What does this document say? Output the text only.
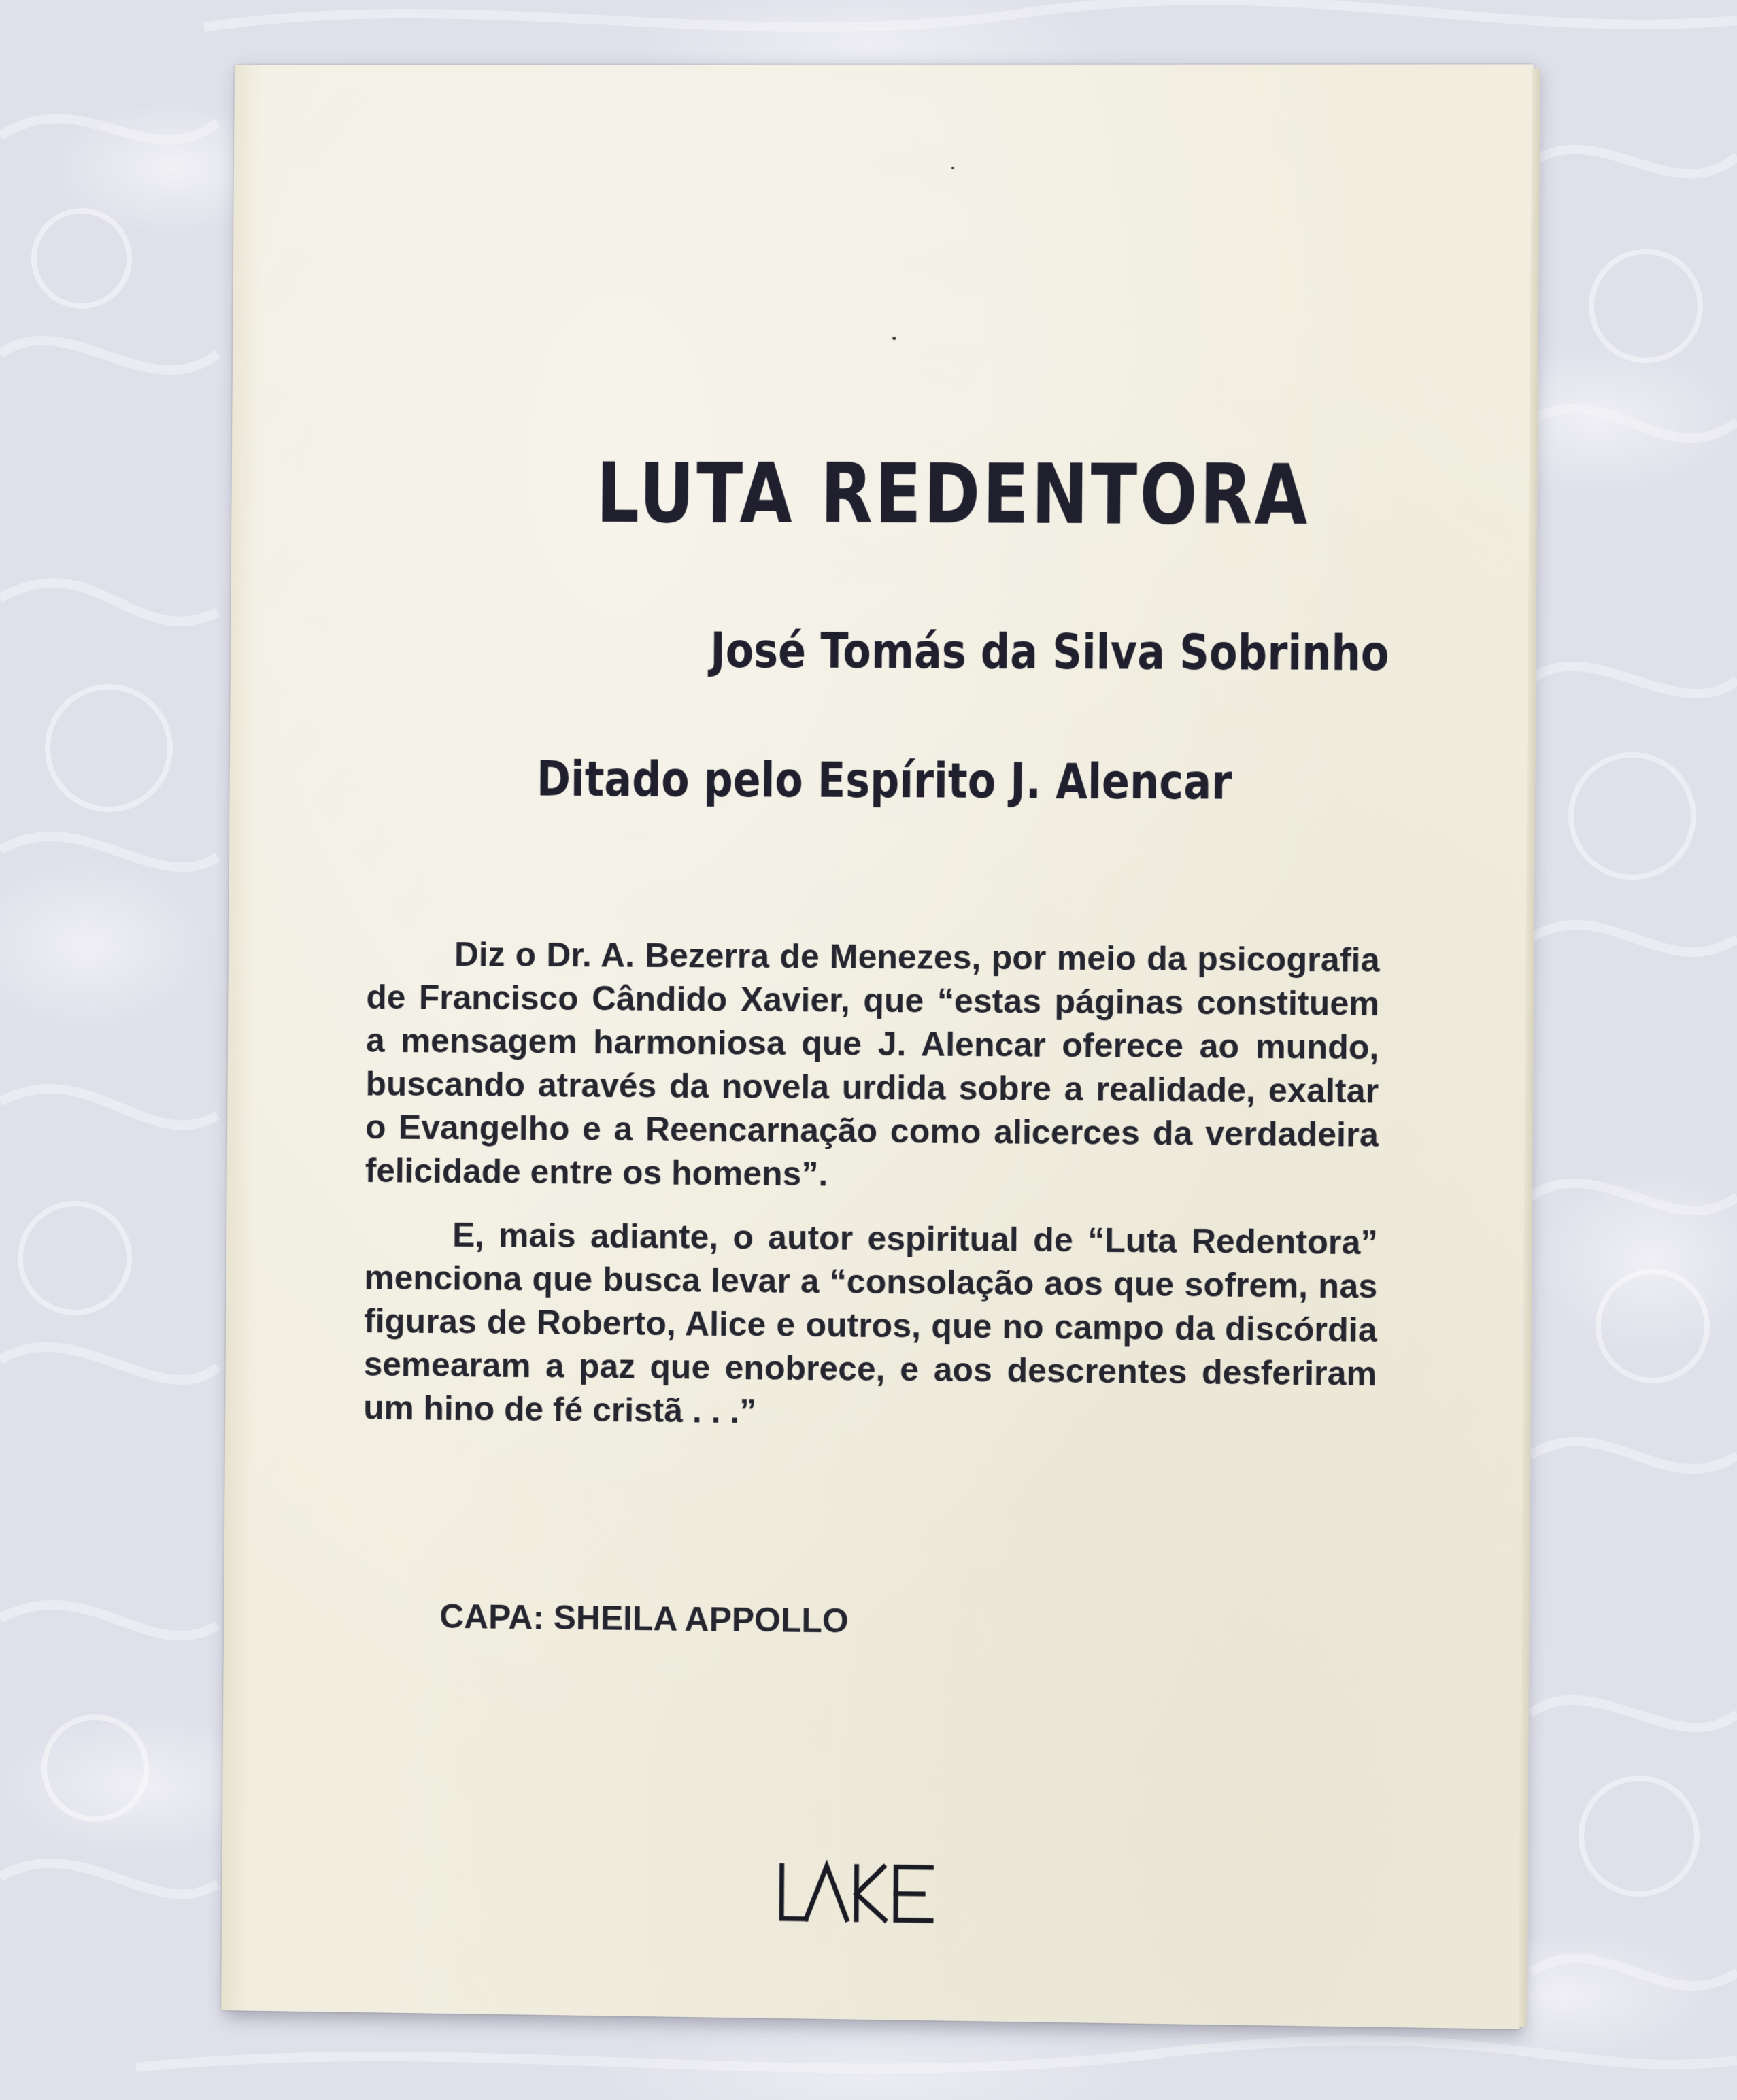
LUTA REDENTORA
José Tomás da Silva Sobrinho
Ditado pelo Espírito J. Alencar

Diz o Dr. A. Bezerra de Menezes, por meio da psicografia de Francisco Cândido Xavier, que “estas páginas constituem a mensagem harmoniosa que J. Alencar oferece ao mundo, buscando através da novela urdida sobre a realidade, exaltar o Evangelho e a Reencarnação como alicerces da verdadeira felicidade entre os homens”.

E, mais adiante, o autor espiritual de “Luta Redentora” menciona que busca levar a “consolação aos que sofrem, nas figuras de Roberto, Alice e outros, que no campo da discórdia semearam a paz que enobrece, e aos descrentes desferiram um hino de fé cristã . . .”

CAPA: SHEILA APPOLLO
